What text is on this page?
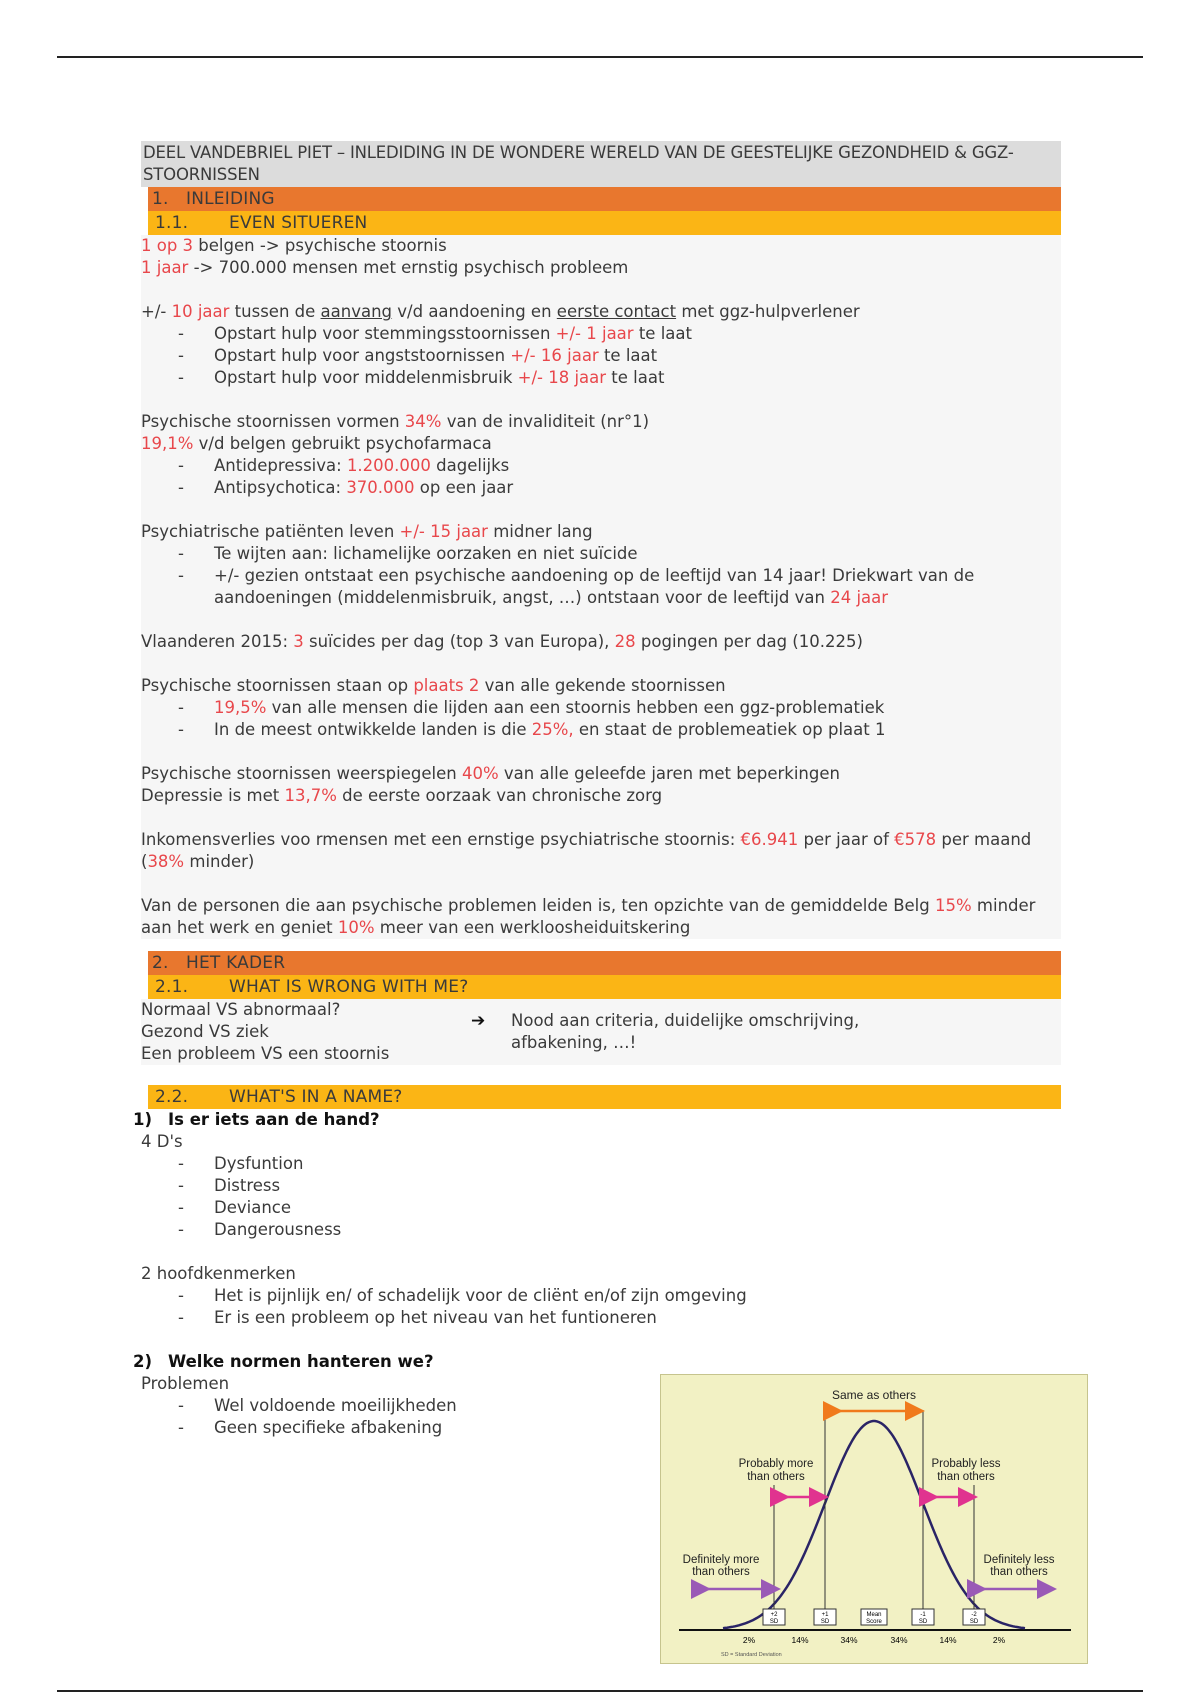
DEEL VANDEBRIEL PIET – INLEDIDING IN DE WONDERE WERELD VAN DE GEESTELIJKE GEZONDHEID & GGZ-STOORNISSEN
1. INLEIDING
1.1. EVEN SITUEREN
1 op 3 belgen -> psychische stoornis
1 jaar -> 700.000 mensen met ernstig psychisch probleem
+/- 10 jaar tussen de aanvang v/d aandoening en eerste contact met ggz-hulpverlener
- Opstart hulp voor stemmingsstoornissen +/- 1 jaar te laat
- Opstart hulp voor angststoornissen +/- 16 jaar te laat
- Opstart hulp voor middelenmisbruik +/- 18 jaar te laat
Psychische stoornissen vormen 34% van de invaliditeit (nr°1)
19,1% v/d belgen gebruikt psychofarmaca
- Antidepressiva: 1.200.000 dagelijks
- Antipsychotica: 370.000 op een jaar
Psychiatrische patiënten leven +/- 15 jaar midner lang
- Te wijten aan: lichamelijke oorzaken en niet suïcide
- +/- gezien ontstaat een psychische aandoening op de leeftijd van 14 jaar! Driekwart van de aandoeningen (middelenmisbruik, angst, …) ontstaan voor de leeftijd van 24 jaar
Vlaanderen 2015: 3 suïcides per dag (top 3 van Europa), 28 pogingen per dag (10.225)
Psychische stoornissen staan op plaats 2 van alle gekende stoornissen
- 19,5% van alle mensen die lijden aan een stoornis hebben een ggz-problematiek
- In de meest ontwikkelde landen is die 25%, en staat de problemeatiek op plaat 1
Psychische stoornissen weerspiegelen 40% van alle geleefde jaren met beperkingen
Depressie is met 13,7% de eerste oorzaak van chronische zorg
Inkomensverlies voo rmensen met een ernstige psychiatrische stoornis: €6.941 per jaar of €578 per maand (38% minder)
Van de personen die aan psychische problemen leiden is, ten opzichte van de gemiddelde Belg 15% minder aan het werk en geniet 10% meer van een werkloosheiduitskering
2. HET KADER
2.1. WHAT IS WRONG WITH ME?
Normaal VS abnormaal?
Gezond VS ziek
Een probleem VS een stoornis
➔	Nood aan criteria, duidelijke omschrijving, afbakening, …!
2.2. WHAT'S IN A NAME?
1) Is er iets aan de hand?
4 D's
- Dysfuntion
- Distress
- Deviance
- Dangerousness
2 hoofdkenmerken
- Het is pijnlijk en/ of schadelijk voor de cliënt en/of zijn omgeving
- Er is een probleem op het niveau van het funtioneren
2) Welke normen hanteren we?
Problemen
- Wel voldoende moeilijkheden
- Geen specifieke afbakening
Same as others
Probably more
than others
Probably less
than others
Definitely more
than others
Definitely less
than others
+2
SD
+1
SD
Mean
Score
-1
SD
-2
SD
2%	14%	34%	34%	14%	2%
SD = Standard Deviation
